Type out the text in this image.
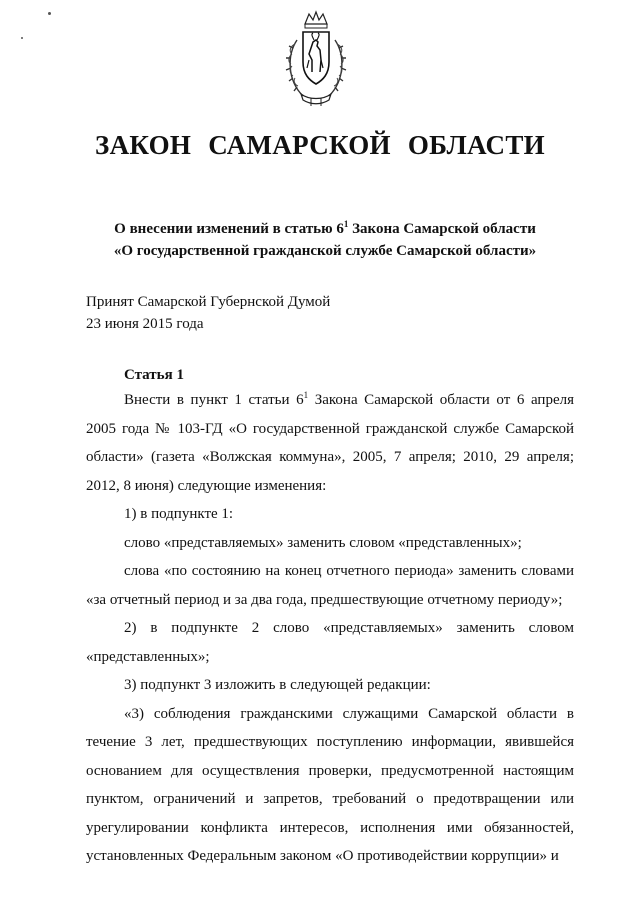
ЗАКОН САМАРСКОЙ ОБЛАСТИ
О внесении изменений в статью $6^1$ Закона Самарской области
«О государственной гражданской службе Самарской области»
Принят Самарской Губернской Думой
23 июня 2015 года
Статья 1

Внести в пункт 1 статьи $6^1$ Закона Самарской области от 6 апреля 2005 года № 103-ГД «О государственной гражданской службе Самарской области» (газета «Волжская коммуна», 2005, 7 апреля; 2010, 29 апреля; 2012, 8 июня) следующие изменения:

1) в подпункте 1:

слово «представляемых» заменить словом «представленных»;

слова «по состоянию на конец отчетного периода» заменить словами «за отчетный период и за два года, предшествующие отчетному периоду»;

2) в подпункте 2 слово «представляемых» заменить словом «представленных»;

3) подпункт 3 изложить в следующей редакции:

«3) соблюдения гражданскими служащими Самарской области в течение 3 лет, предшествующих поступлению информации, явившейся основанием для осуществления проверки, предусмотренной настоящим пунктом, ограничений и запретов, требований о предотвращении или урегулировании конфликта интересов, исполнения ими обязанностей, установленных Федеральным законом «О противодействии коррупции» и
